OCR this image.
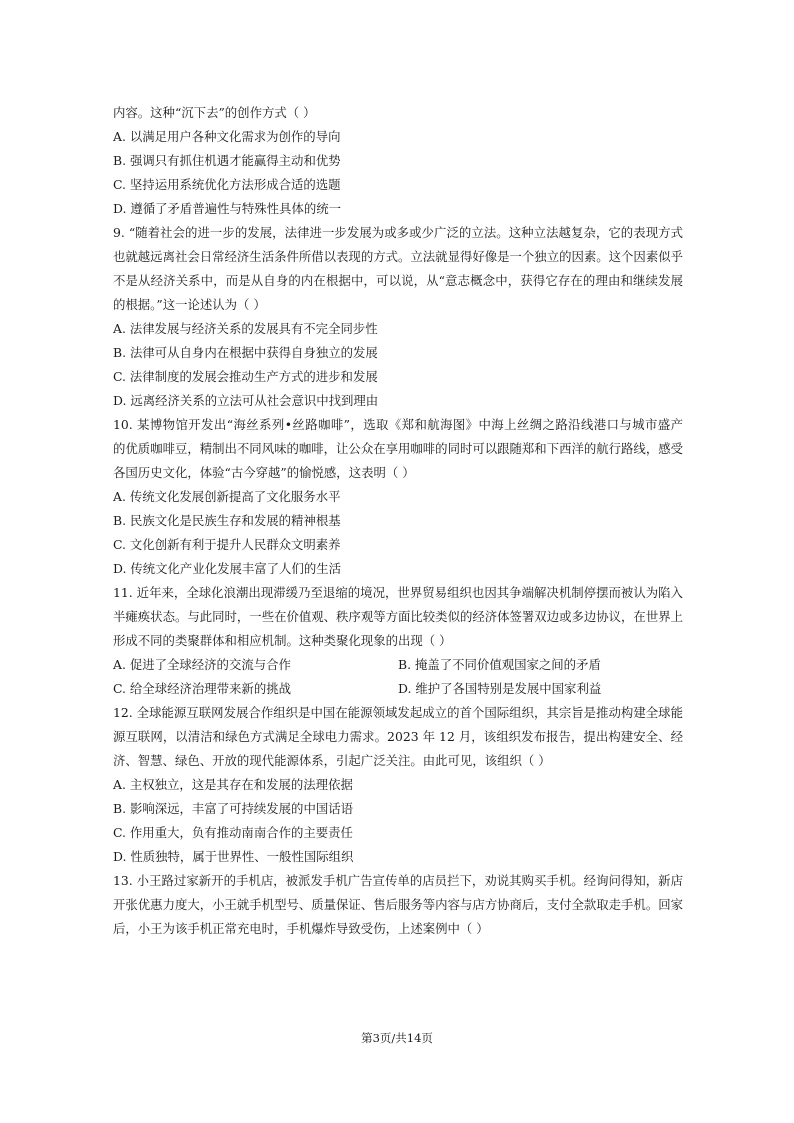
内容。这种“沉下去”的创作方式（ ）
A. 以满足用户各种文化需求为创作的导向
B. 强调只有抓住机遇才能赢得主动和优势
C. 坚持运用系统优化方法形成合适的选题
D. 遵循了矛盾普遍性与特殊性具体的统一
9. “随着社会的进一步的发展，法律进一步发展为或多或少广泛的立法。这种立法越复杂，它的表现方式
也就越远离社会日常经济生活条件所借以表现的方式。立法就显得好像是一个独立的因素。这个因素似乎
不是从经济关系中，而是从自身的内在根据中，可以说，从“意志概念中，获得它存在的理由和继续发展
的根据。”这一论述认为（ ）
A. 法律发展与经济关系的发展具有不完全同步性
B. 法律可从自身内在根据中获得自身独立的发展
C. 法律制度的发展会推动生产方式的进步和发展
D. 远离经济关系的立法可从社会意识中找到理由
10. 某博物馆开发出“海丝系列•丝路咖啡”，选取《郑和航海图》中海上丝绸之路沿线港口与城市盛产
的优质咖啡豆，精制出不同风味的咖啡，让公众在享用咖啡的同时可以跟随郑和下西洋的航行路线，感受
各国历史文化，体验“古今穿越”的愉悦感，这表明（ ）
A. 传统文化发展创新提高了文化服务水平
B. 民族文化是民族生存和发展的精神根基
C. 文化创新有利于提升人民群众文明素养
D. 传统文化产业化发展丰富了人们的生活
11. 近年来，全球化浪潮出现滞缓乃至退缩的境况，世界贸易组织也因其争端解决机制停摆而被认为陷入
半瘫痪状态。与此同时，一些在价值观、秩序观等方面比较类似的经济体签署双边或多边协议，在世界上
形成不同的类聚群体和相应机制。这种类聚化现象的出现（ ）
A. 促进了全球经济的交流与合作	B. 掩盖了不同价值观国家之间的矛盾
C. 给全球经济治理带来新的挑战	D. 维护了各国特别是发展中国家利益
12. 全球能源互联网发展合作组织是中国在能源领域发起成立的首个国际组织，其宗旨是推动构建全球能
源互联网，以清洁和绿色方式满足全球电力需求。2023 年 12 月，该组织发布报告，提出构建安全、经
济、智慧、绿色、开放的现代能源体系，引起广泛关注。由此可见，该组织（ ）
A. 主权独立，这是其存在和发展的法理依据
B. 影响深远，丰富了可持续发展的中国话语
C. 作用重大，负有推动南南合作的主要责任
D. 性质独特，属于世界性、一般性国际组织
13. 小王路过家新开的手机店，被派发手机广告宣传单的店员拦下，劝说其购买手机。经询问得知，新店
开张优惠力度大，小王就手机型号、质量保证、售后服务等内容与店方协商后，支付全款取走手机。回家
后，小王为该手机正常充电时，手机爆炸导致受伤，上述案例中（ ）
第3页/共14页
